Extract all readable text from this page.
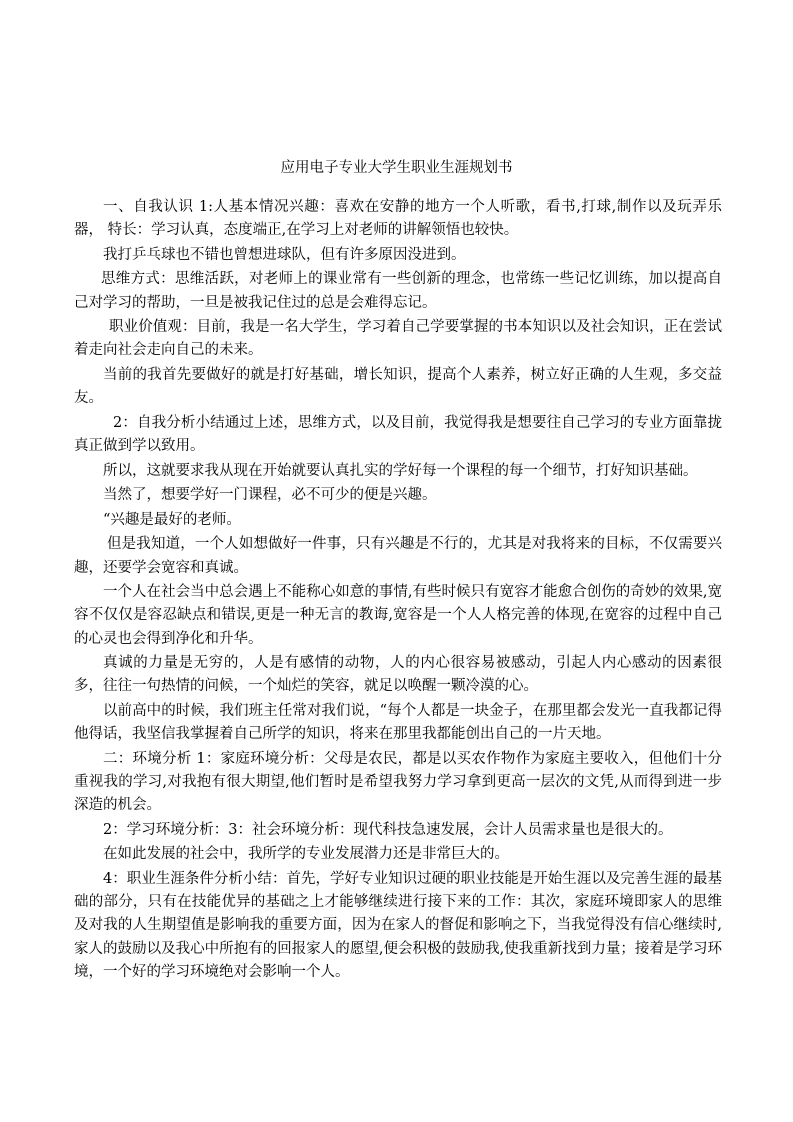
应用电子专业大学生职业生涯规划书

一、自我认识 1:人基本情况兴趣：喜欢在安静的地方一个人听歌，看书,打球,制作以及玩弄乐器， 特长：学习认真，态度端正,在学习上对老师的讲解领悟也较快。

我打乒乓球也不错也曾想进球队，但有许多原因没进到。

思维方式：思维活跃，对老师上的课业常有一些创新的理念，也常练一些记忆训练，加以提高自己对学习的帮助，一旦是被我记住过的总是会难得忘记。

职业价值观：目前，我是一名大学生，学习着自己学要掌握的书本知识以及社会知识，正在尝试着走向社会走向自己的未来。

当前的我首先要做好的就是打好基础，增长知识，提高个人素养，树立好正确的人生观，多交益友。

2：自我分析小结通过上述，思维方式，以及目前，我觉得我是想要往自己学习的专业方面靠拢真正做到学以致用。

所以，这就要求我从现在开始就要认真扎实的学好每一个课程的每一个细节，打好知识基础。

当然了，想要学好一门课程，必不可少的便是兴趣。

“兴趣是最好的老师。

但是我知道，一个人如想做好一件事，只有兴趣是不行的，尤其是对我将来的目标，不仅需要兴趣，还要学会宽容和真诚。

一个人在社会当中总会遇上不能称心如意的事情,有些时候只有宽容才能愈合创伤的奇妙的效果,宽容不仅仅是容忍缺点和错误,更是一种无言的教诲,宽容是一个人人格完善的体现,在宽容的过程中自己的心灵也会得到净化和升华。

真诚的力量是无穷的，人是有感情的动物，人的内心很容易被感动，引起人内心感动的因素很多，往往一句热情的问候，一个灿烂的笑容，就足以唤醒一颗冷漠的心。

以前高中的时候，我们班主任常对我们说，“每个人都是一块金子，在那里都会发光一直我都记得他得话，我坚信我掌握着自己所学的知识，将来在那里我都能创出自己的一片天地。

二：环境分析 1：家庭环境分析：父母是农民，都是以买农作物作为家庭主要收入，但他们十分重视我的学习,对我抱有很大期望,他们暂时是希望我努力学习拿到更高一层次的文凭,从而得到进一步深造的机会。

2：学习环境分析：3：社会环境分析：现代科技急速发展，会计人员需求量也是很大的。

在如此发展的社会中，我所学的专业发展潜力还是非常巨大的。

4：职业生涯条件分析小结：首先，学好专业知识过硬的职业技能是开始生涯以及完善生涯的最基础的部分，只有在技能优异的基础之上才能够继续进行接下来的工作：其次，家庭环境即家人的思维及对我的人生期望值是影响我的重要方面，因为在家人的督促和影响之下，当我觉得没有信心继续时,家人的鼓励以及我心中所抱有的回报家人的愿望,便会积极的鼓励我,使我重新找到力量；接着是学习环境，一个好的学习环境绝对会影响一个人。
